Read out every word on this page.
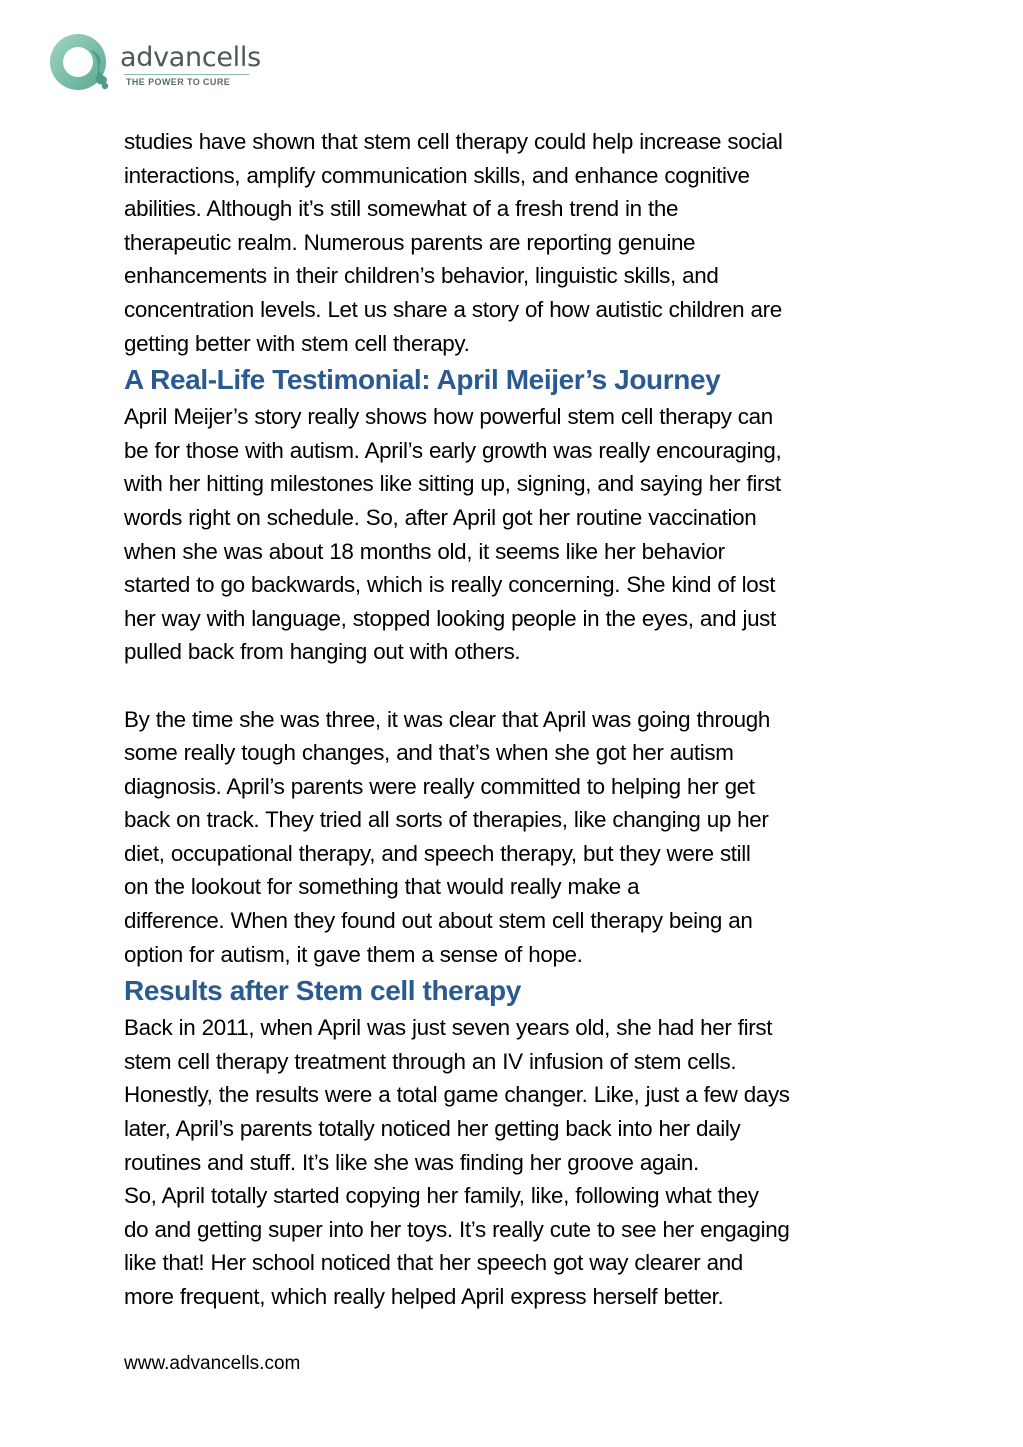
advancells
THE POWER TO CURE

studies have shown that stem cell therapy could help increase social
interactions, amplify communication skills, and enhance cognitive
abilities. Although it’s still somewhat of a fresh trend in the
therapeutic realm. Numerous parents are reporting genuine
enhancements in their children’s behavior, linguistic skills, and
concentration levels. Let us share a story of how autistic children are
getting better with stem cell therapy.

A Real-Life Testimonial: April Meijer’s Journey

April Meijer’s story really shows how powerful stem cell therapy can
be for those with autism. April’s early growth was really encouraging,
with her hitting milestones like sitting up, signing, and saying her first
words right on schedule. So, after April got her routine vaccination
when she was about 18 months old, it seems like her behavior
started to go backwards, which is really concerning. She kind of lost
her way with language, stopped looking people in the eyes, and just
pulled back from hanging out with others.

By the time she was three, it was clear that April was going through
some really tough changes, and that’s when she got her autism
diagnosis. April’s parents were really committed to helping her get
back on track. They tried all sorts of therapies, like changing up her
diet, occupational therapy, and speech therapy, but they were still
on the lookout for something that would really make a
difference. When they found out about stem cell therapy being an
option for autism, it gave them a sense of hope.

Results after Stem cell therapy

Back in 2011, when April was just seven years old, she had her first
stem cell therapy treatment through an IV infusion of stem cells.
Honestly, the results were a total game changer. Like, just a few days
later, April’s parents totally noticed her getting back into her daily
routines and stuff. It’s like she was finding her groove again.
So, April totally started copying her family, like, following what they
do and getting super into her toys. It’s really cute to see her engaging
like that! Her school noticed that her speech got way clearer and
more frequent, which really helped April express herself better.

www.advancells.com
